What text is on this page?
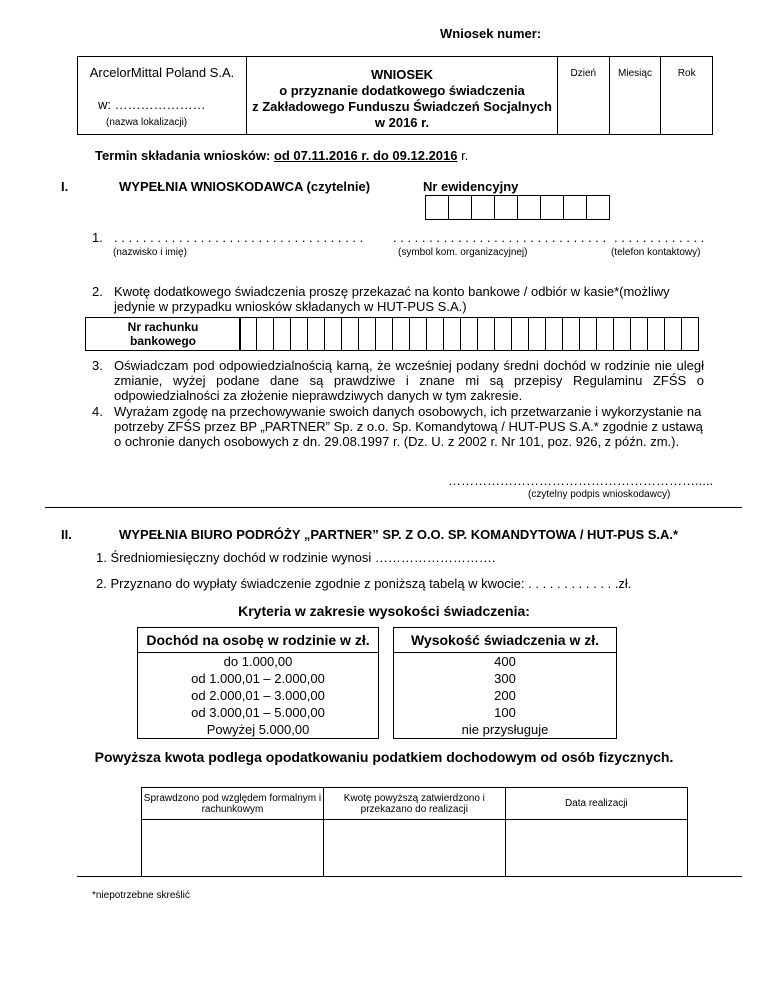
Wniosek numer:
ArcelorMittal Poland S.A.
w: …………………
(nazwa lokalizacji)
WNIOSEK
o przyznanie dodatkowego świadczenia
z Zakładowego Funduszu Świadczeń Socjalnych
w 2016 r.
Dzień	Miesiąc	Rok
Termin składania wniosków: od 07.11.2016 r. do 09.12.2016 r.
I.	WYPEŁNIA WNIOSKODAWCA (czytelnie)	Nr ewidencyjny
1. . . . . . . . . . . . . . . . . . . . . . . . . . . . . . . . . . . .
(nazwisko i imię)
. . . . . . . . . . . . . . . . . . . . . . . . . . . . . .
(symbol kom. organizacyjnej)
. . . . . . . . . . . . .
(telefon kontaktowy)
2. Kwotę dodatkowego świadczenia proszę przekazać na konto bankowe / odbiór w kasie*(możliwy jedynie w przypadku wniosków składanych w HUT-PUS S.A.)
Nr rachunku
bankowego
3. Oświadczam pod odpowiedzialnością karną, że wcześniej podany średni dochód w rodzinie nie uległ zmianie, wyżej podane dane są prawdziwe i znane mi są przepisy Regulaminu ZFŚS o odpowiedzialności za złożenie nieprawdziwych danych w tym zakresie.
4. Wyrażam zgodę na przechowywanie swoich danych osobowych, ich przetwarzanie i wykorzystanie na potrzeby ZFŚS przez BP „PARTNER” Sp. z o.o. Sp. Komandytową / HUT-PUS S.A.* zgodnie z ustawą o ochronie danych osobowych z dn. 29.08.1997 r. (Dz. U. z 2002 r. Nr 101, poz. 926, z późn. zm.).
………………………………………………….....
(czytelny podpis wnioskodawcy)
II.	WYPEŁNIA BIURO PODRÓŻY „PARTNER” SP. Z O.O. SP. KOMANDYTOWA / HUT-PUS S.A.*
1. Średniomiesięczny dochód w rodzinie wynosi ……………………….
2. Przyznano do wypłaty świadczenie zgodnie z poniższą tabelą w kwocie: . . . . . . . . . . . . .zł.
Kryteria w zakresie wysokości świadczenia:
Dochód na osobę w rodzinie w zł.		Wysokość świadczenia w zł.
do 1.000,00		400
od 1.000,01 – 2.000,00		300
od 2.000,01 – 3.000,00		200
od 3.000,01 – 5.000,00		100
Powyżej 5.000,00		nie przysługuje
Powyższa kwota podlega opodatkowaniu podatkiem dochodowym od osób fizycznych.
Sprawdzono pod względem formalnym i rachunkowym	Kwotę powyższą zatwierdzono i przekazano do realizacji	Data realizacji

*niepotrzebne skreślić
